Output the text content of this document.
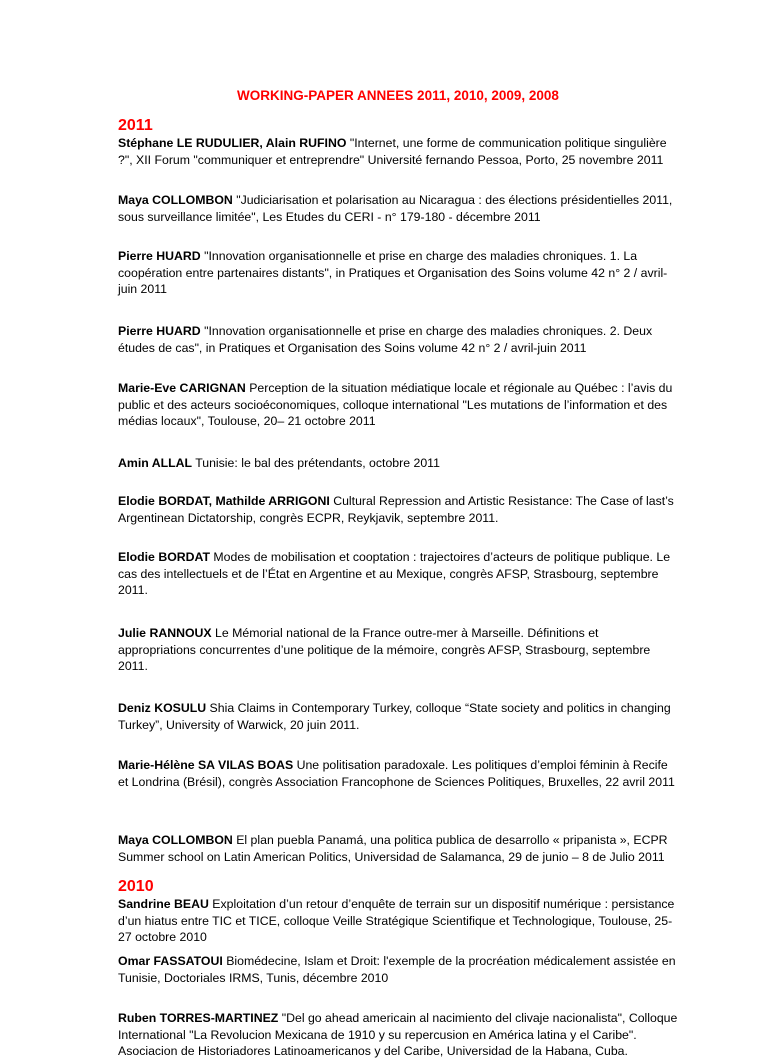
WORKING-PAPER ANNEES 2011, 2010, 2009, 2008
2011

Stéphane LE RUDULIER, Alain RUFINO "Internet, une forme de communication politique singulière ?", XII Forum "communiquer et entreprendre" Université fernando Pessoa, Porto, 25 novembre 2011

Maya COLLOMBON "Judiciarisation et polarisation au Nicaragua : des élections présidentielles 2011, sous surveillance limitée", Les Etudes du CERI - n° 179-180 - décembre 2011

Pierre HUARD "Innovation organisationnelle et prise en charge des maladies chroniques. 1. La coopération entre partenaires distants", in Pratiques et Organisation des Soins volume 42 n° 2 / avril-juin 2011

Pierre HUARD "Innovation organisationnelle et prise en charge des maladies chroniques. 2. Deux études de cas", in Pratiques et Organisation des Soins volume 42 n° 2 / avril-juin 2011

Marie-Eve CARIGNAN Perception de la situation médiatique locale et régionale au Québec : l’avis du public et des acteurs socioéconomiques, colloque international "Les mutations de l’information et des médias locaux", Toulouse, 20– 21 octobre 2011

Amin ALLAL Tunisie: le bal des prétendants, octobre 2011

Elodie BORDAT, Mathilde ARRIGONI Cultural Repression and Artistic Resistance: The Case of last’s Argentinean Dictatorship, congrès ECPR, Reykjavik, septembre 2011.

Elodie BORDAT Modes de mobilisation et cooptation : trajectoires d’acteurs de politique publique. Le cas des intellectuels et de l’État en Argentine et au Mexique, congrès AFSP, Strasbourg, septembre 2011.

Julie RANNOUX Le Mémorial national de la France outre-mer à Marseille. Définitions et appropriations concurrentes d’une politique de la mémoire, congrès AFSP, Strasbourg, septembre 2011.

Deniz KOSULU Shia Claims in Contemporary Turkey, colloque “State society and politics in changing Turkey”, University of Warwick, 20 juin 2011.

Marie-Hélène SA VILAS BOAS Une politisation paradoxale. Les politiques d’emploi féminin à Recife et Londrina (Brésil), congrès Association Francophone de Sciences Politiques, Bruxelles, 22 avril 2011

Maya COLLOMBON El plan puebla Panamá, una politica publica de desarrollo « pripanista », ECPR Summer school on Latin American Politics, Universidad de Salamanca, 29 de junio – 8 de Julio 2011

2010

Sandrine BEAU Exploitation d’un retour d’enquête de terrain sur un dispositif numérique : persistance d’un hiatus entre TIC et TICE, colloque Veille Stratégique Scientifique et Technologique, Toulouse, 25-27 octobre 2010

Omar FASSATOUI Biomédecine, Islam et Droit: l'exemple de la procréation médicalement assistée en Tunisie, Doctoriales IRMS, Tunis, décembre 2010

Ruben TORRES-MARTINEZ "Del go ahead americain al nacimiento del clivaje nacionalista", Colloque International "La Revolucion Mexicana de 1910 y su repercusion en América latina y el Caribe". Asociacion de Historiadores Latinoamericanos y del Caribe, Universidad de la Habana, Cuba.
